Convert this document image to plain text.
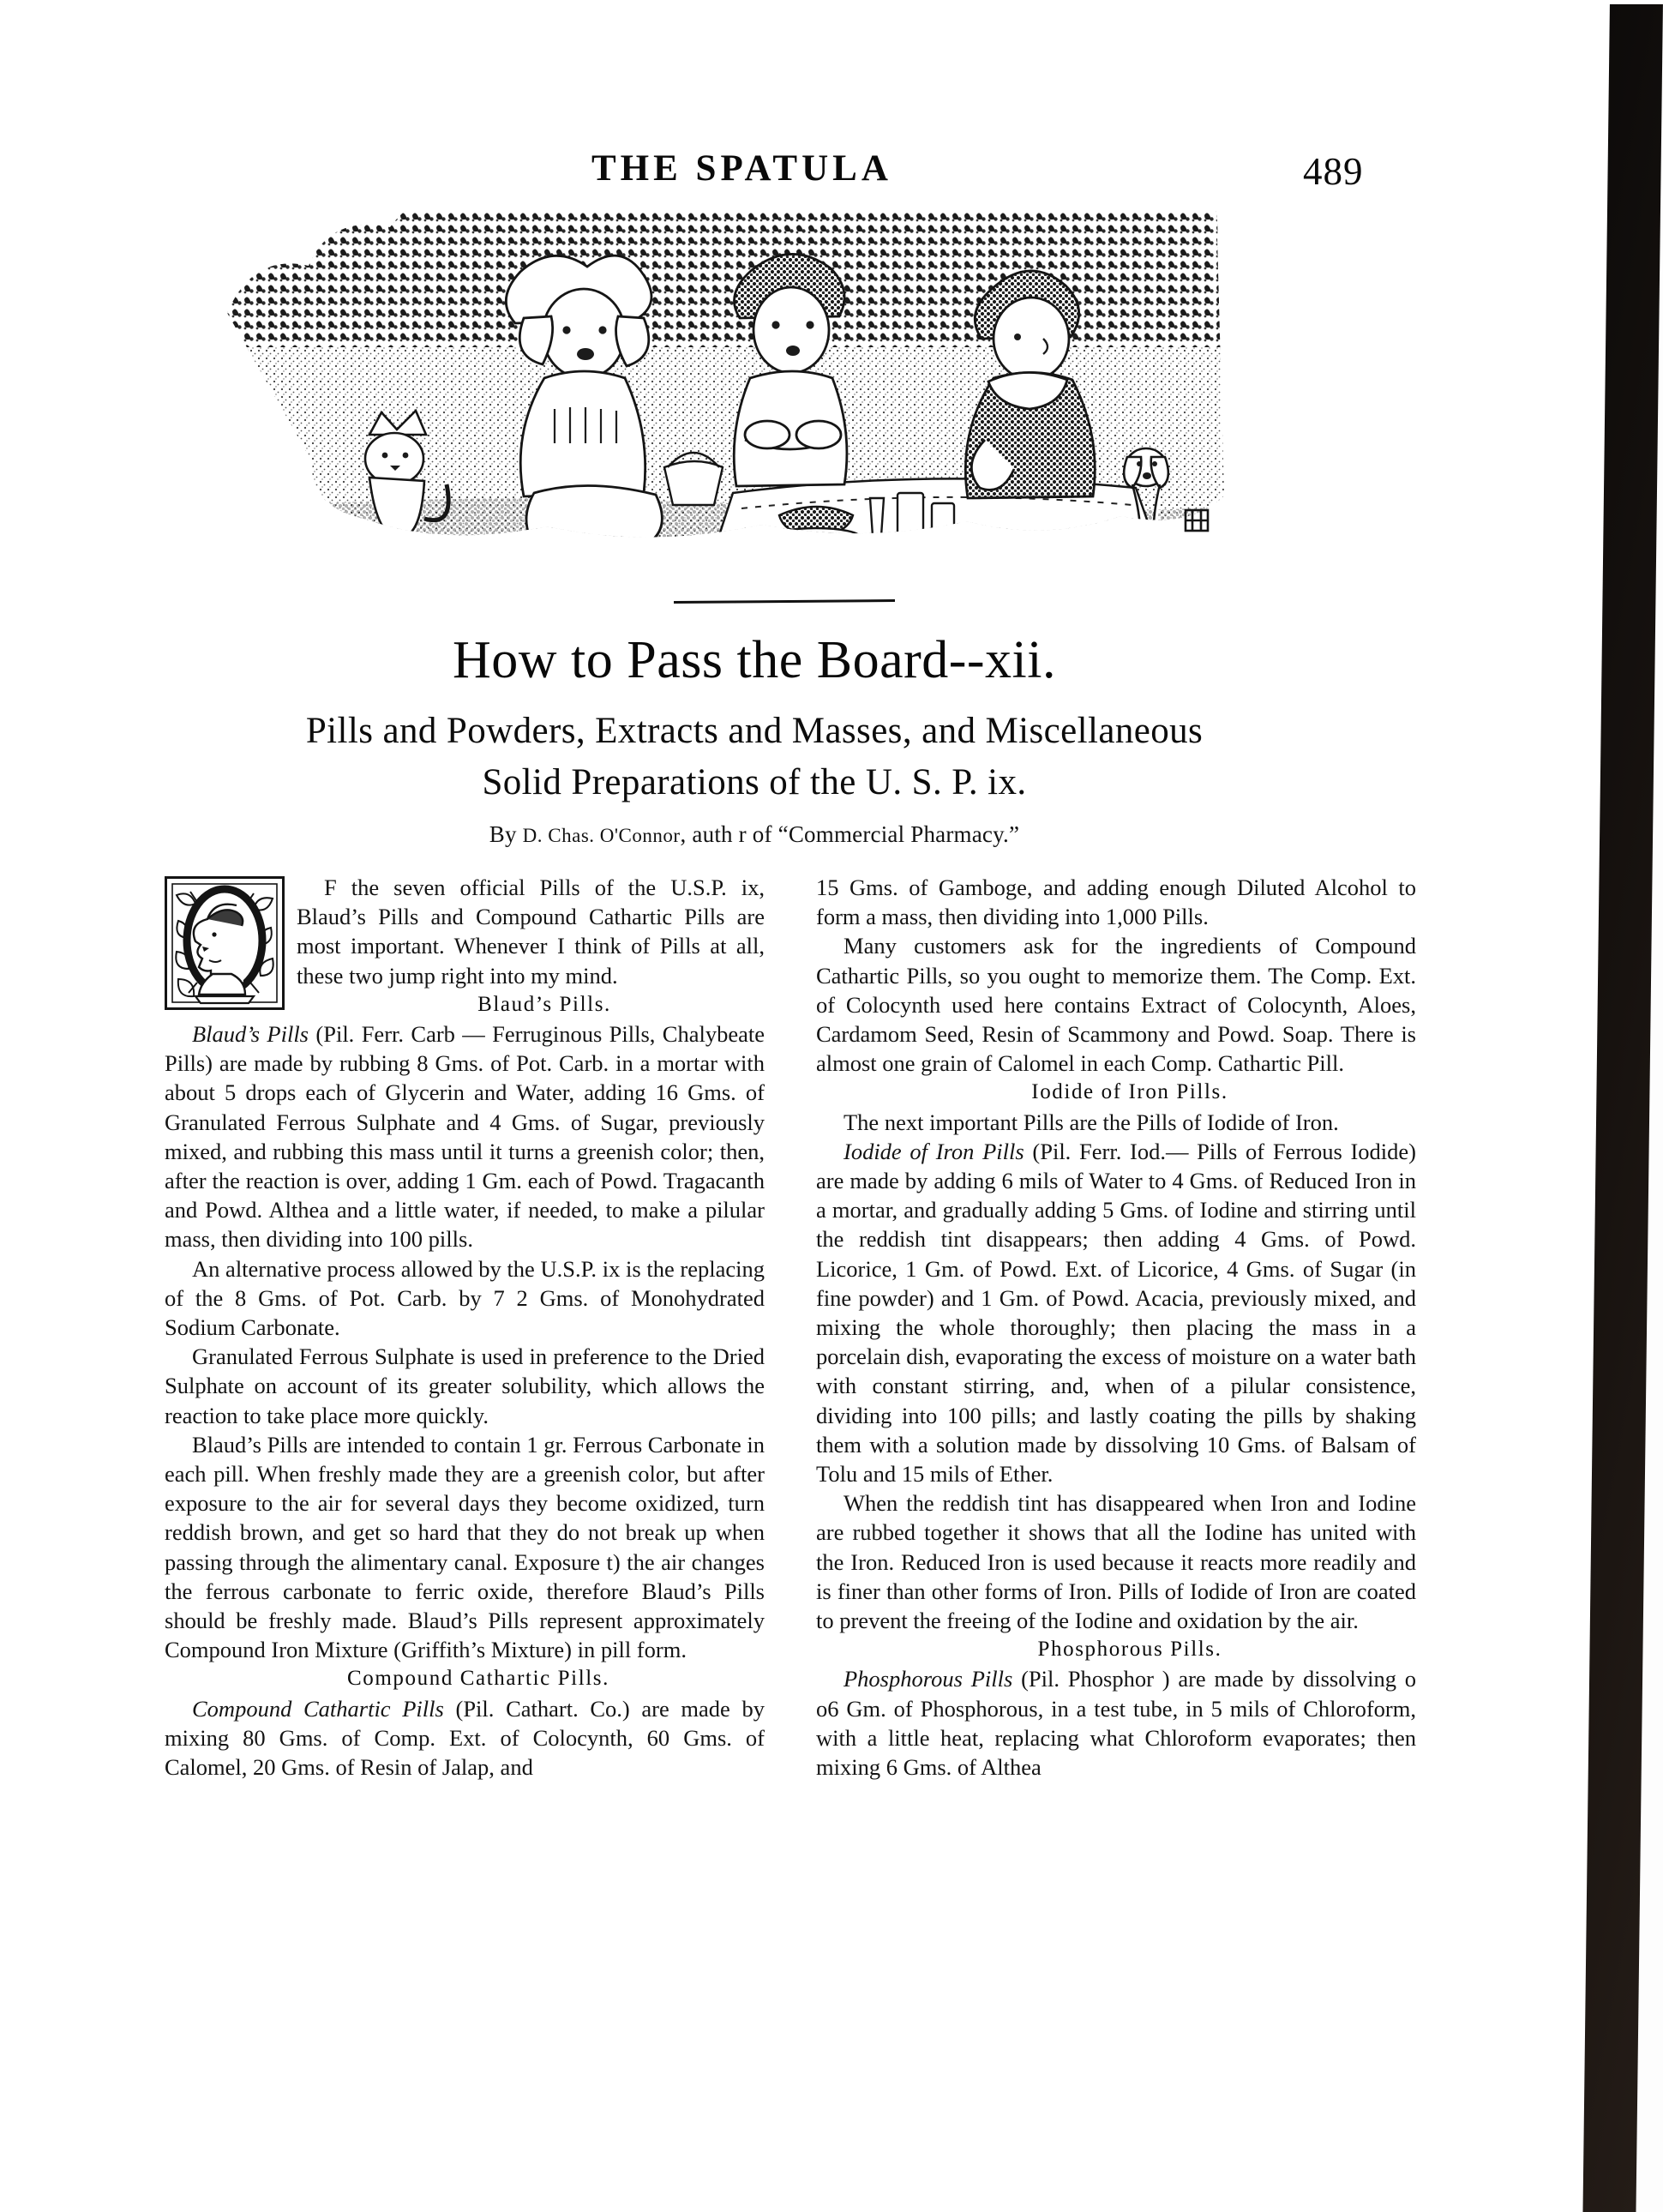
THE SPATULA	489
How to Pass the Board--xii.
Pills and Powders, Extracts and Masses, and Miscellaneous
Solid Preparations of the U. S. P. ix.
By D. Chas. O'Connor, auth r of “Commercial Pharmacy.”

F the seven official Pills of the U.S.P. ix, Blaud’s Pills and Compound Cathartic Pills are most important. Whenever I think of Pills at all, these two jump right into my mind.

Blaud’s Pills.

Blaud’s Pills (Pil. Ferr. Carb — Ferruginous Pills, Chalybeate Pills) are made by rubbing 8 Gms. of Pot. Carb. in a mortar with about 5 drops each of Glycerin and Water, adding 16 Gms. of Granulated Ferrous Sulphate and 4 Gms. of Sugar, previously mixed, and rubbing this mass until it turns a greenish color; then, after the reaction is over, adding 1 Gm. each of Powd. Tragacanth and Powd. Althea and a little water, if needed, to make a pilular mass, then dividing into 100 pills.

An alternative process allowed by the U.S.P. ix is the replacing of the 8 Gms. of Pot. Carb. by 7 2 Gms. of Monohydrated Sodium Carbonate.

Granulated Ferrous Sulphate is used in preference to the Dried Sulphate on account of its greater solubility, which allows the reaction to take place more quickly.

Blaud’s Pills are intended to contain 1 gr. Ferrous Carbonate in each pill. When freshly made they are a greenish color, but after exposure to the air for several days they become oxidized, turn reddish brown, and get so hard that they do not break up when passing through the alimentary canal. Exposure t) the air changes the ferrous carbonate to ferric oxide, therefore Blaud’s Pills should be freshly made. Blaud’s Pills represent approximately Compound Iron Mixture (Griffith’s Mixture) in pill form.

Compound Cathartic Pills.

Compound Cathartic Pills (Pil. Cathart. Co.) are made by mixing 80 Gms. of Comp. Ext. of Colocynth, 60 Gms. of Calomel, 20 Gms. of Resin of Jalap, and

15 Gms. of Gamboge, and adding enough Diluted Alcohol to form a mass, then dividing into 1,000 Pills.

Many customers ask for the ingredients of Compound Cathartic Pills, so you ought to memorize them. The Comp. Ext. of Colocynth used here contains Extract of Colocynth, Aloes, Cardamom Seed, Resin of Scammony and Powd. Soap. There is almost one grain of Calomel in each Comp. Cathartic Pill.

Iodide of Iron Pills.

The next important Pills are the Pills of Iodide of Iron.

Iodide of Iron Pills (Pil. Ferr. Iod.— Pills of Ferrous Iodide) are made by adding 6 mils of Water to 4 Gms. of Reduced Iron in a mortar, and gradually adding 5 Gms. of Iodine and stirring until the reddish tint disappears; then adding 4 Gms. of Powd. Licorice, 1 Gm. of Powd. Ext. of Licorice, 4 Gms. of Sugar (in fine powder) and 1 Gm. of Powd. Acacia, previously mixed, and mixing the whole thoroughly; then placing the mass in a porcelain dish, evaporating the excess of moisture on a water bath with constant stirring, and, when of a pilular consistence, dividing into 100 pills; and lastly coating the pills by shaking them with a solution made by dissolving 10 Gms. of Balsam of Tolu and 15 mils of Ether.

When the reddish tint has disappeared when Iron and Iodine are rubbed together it shows that all the Iodine has united with the Iron. Reduced Iron is used because it reacts more readily and is finer than other forms of Iron. Pills of Iodide of Iron are coated to prevent the freeing of the Iodine and oxidation by the air.

Phosphorous Pills.

Phosphorous Pills (Pil. Phosphor ) are made by dissolving o o6 Gm. of Phosphorous, in a test tube, in 5 mils of Chloroform, with a little heat, replacing what Chloroform evaporates; then mixing 6 Gms. of Althea
